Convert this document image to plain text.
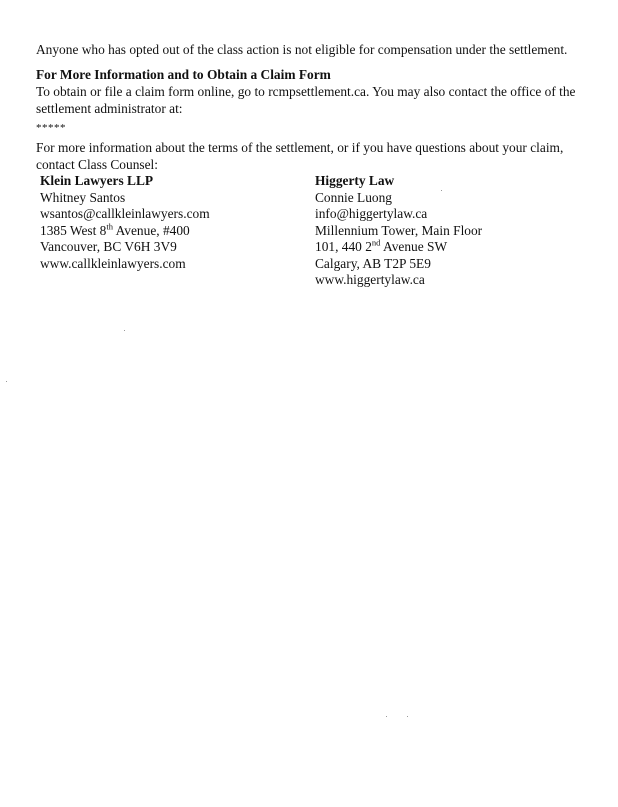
Anyone who has opted out of the class action is not eligible for compensation under the settlement.

For More Information and to Obtain a Claim Form

To obtain or file a claim form online, go to rcmpsettlement.ca. You may also contact the office of the settlement administrator at:

*****

For more information about the terms of the settlement, or if you have questions about your claim, contact Class Counsel:

Klein Lawyers LLP
Whitney Santos
wsantos@callkleinlawyers.com
1385 West 8th Avenue, #400
Vancouver, BC V6H 3V9
www.callkleinlawyers.com
Higgerty Law
Connie Luong
info@higgertylaw.ca
Millennium Tower, Main Floor
101, 440 2nd Avenue SW
Calgary, AB T2P 5E9
www.higgertylaw.ca
